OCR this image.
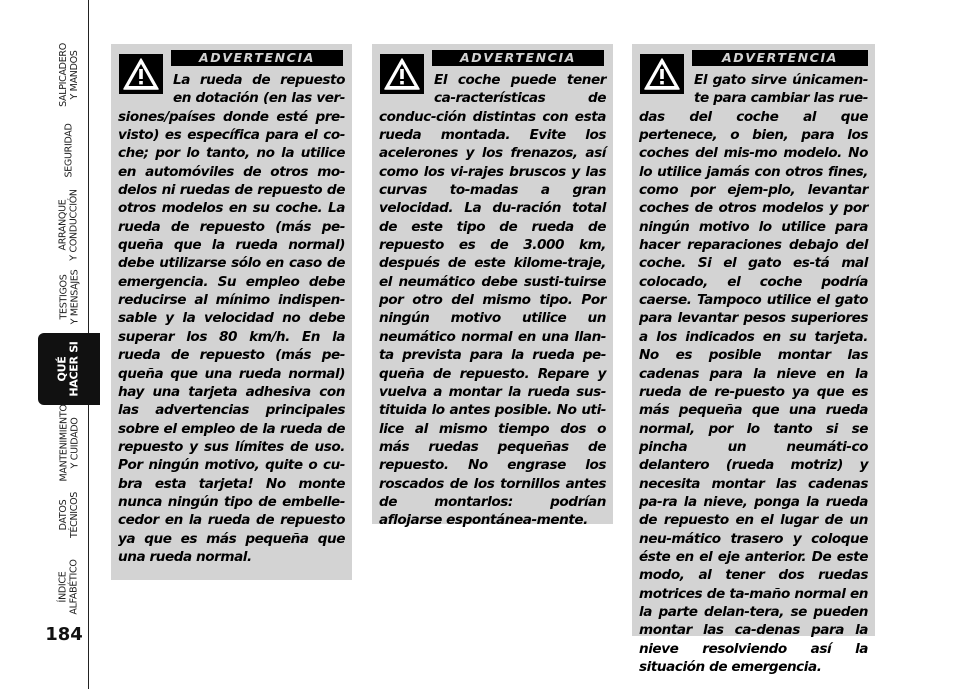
SALPICADERO
Y MANDOS
SEGURIDAD
ARRANQUE
Y CONDUCCIÓN
TESTIGOS
Y MENSAJES
QUÉ
HACER SI
MANTENIMIENTO
Y CUIDADO
DATOS
TÉCNICOS
ÍNDICE
ALFABÉTICO
184
ADVERTENCIA
La rueda de repuesto en dotación (en las ver-siones/países donde esté pre-visto) es específica para el co-che; por lo tanto, no la utilice en automóviles de otros mo-delos ni ruedas de repuesto de otros modelos en su coche. La rueda de repuesto (más pe-queña que la rueda normal) debe utilizarse sólo en caso de emergencia. Su empleo debe reducirse al mínimo indispen-sable y la velocidad no debe superar los 80 km/h. En la rueda de repuesto (más pe-queña que una rueda normal) hay una tarjeta adhesiva con las advertencias principales sobre el empleo de la rueda de repuesto y sus límites de uso. Por ningún motivo, quite o cu-bra esta tarjeta! No monte nunca ningún tipo de embelle-cedor en la rueda de repuesto ya que es más pequeña que una rueda normal.
ADVERTENCIA
El coche puede tener ca-racterísticas de conduc-ción distintas con esta rueda montada. Evite los acelerones y los frenazos, así como los vi-rajes bruscos y las curvas to-madas a gran velocidad. La du-ración total de este tipo de rueda de repuesto es de 3.000 km, después de este kilome-traje, el neumático debe susti-tuirse por otro del mismo tipo. Por ningún motivo utilice un neumático normal en una llan-ta prevista para la rueda pe-queña de repuesto. Repare y vuelva a montar la rueda sus-tituida lo antes posible. No uti-lice al mismo tiempo dos o más ruedas pequeñas de repuesto. No engrase los roscados de los tornillos antes de montarlos: podrían aflojarse espontánea-mente.
ADVERTENCIA
El gato sirve únicamen-te para cambiar las rue-das del coche al que pertenece, o bien, para los coches del mis-mo modelo. No lo utilice jamás con otros fines, como por ejem-plo, levantar coches de otros modelos y por ningún motivo lo utilice para hacer reparaciones debajo del coche. Si el gato es-tá mal colocado, el coche podría caerse. Tampoco utilice el gato para levantar pesos superiores a los indicados en su tarjeta. No es posible montar las cadenas para la nieve en la rueda de re-puesto ya que es más pequeña que una rueda normal, por lo tanto si se pincha un neumáti-co delantero (rueda motriz) y necesita montar las cadenas pa-ra la nieve, ponga la rueda de repuesto en el lugar de un neu-mático trasero y coloque éste en el eje anterior. De este modo, al tener dos ruedas motrices de ta-maño normal en la parte delan-tera, se pueden montar las ca-denas para la nieve resolviendo así la situación de emergencia.
